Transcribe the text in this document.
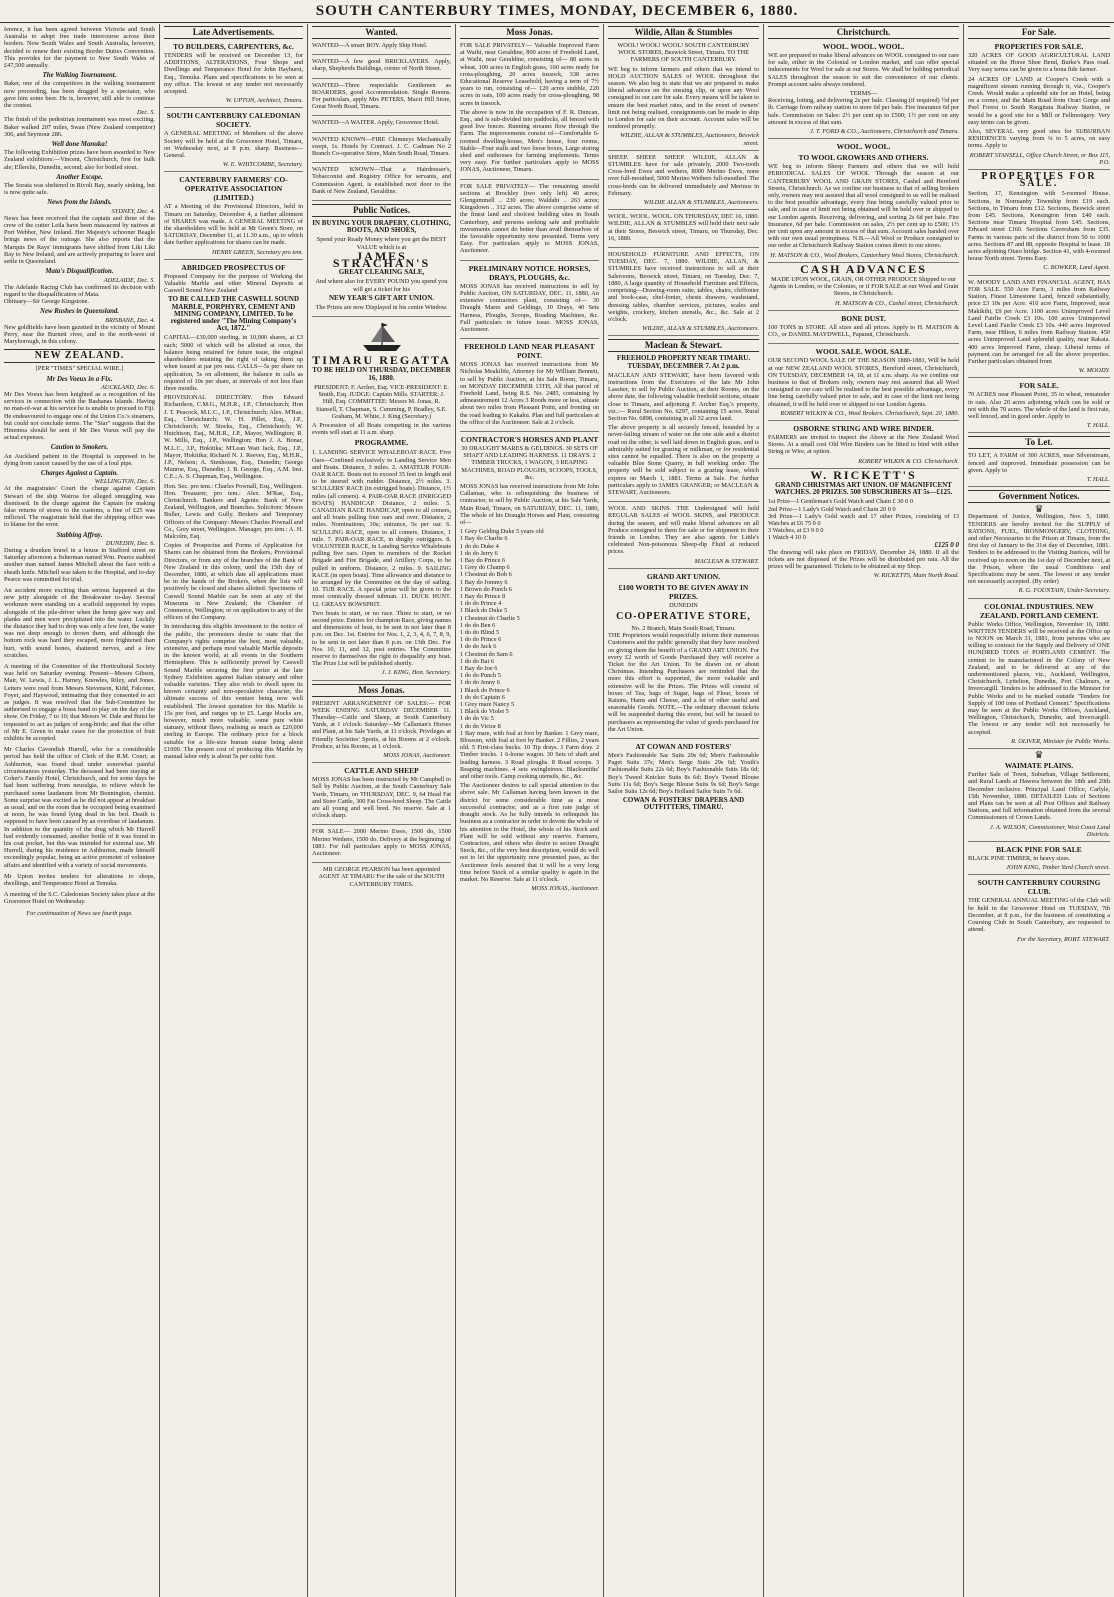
SOUTH CANTERBURY TIMES, MONDAY, DECEMBER 6, 1880.

ference, it has been agreed between Victoria and South Australia to adopt free trade intercourse across their borders. Now South Wales and South Australia, however, decided to renew their existing Border Duties Convention. This provides for the payment to New South Wales of £47,500 annually.

The Walking Tournament.

Baker, one of the competitors in the walking tournament now proceeding, has been drugged by a spectator, who gave him some beer. He is, however, still able to continue the contest.

Dec. 5.

The finish of the pedestrian tournament was most exciting. Baker walked 207 miles, Swan (New Zealand competitor) 306, and Seymour 286.

Well done Manuka!

The following Exhibition prizes have been awarded to New Zealand exhibitors:—Vincent, Christchurch, first for bulk ale; Ellerslie, Dunedin, second; also for bottled stout.

Another Escape.

The Sorata was sheltered in Rivoli Bay, nearly sinking, but is now quite safe.

News from the Islands.
SYDNEY, Dec. 4.

News has been received that the captain and three of the crew of the cutter Leila have been massacred by natives at Port Webber, New Ireland. Her Majesty's schooner Beagle brings news of the outrage. She also reports that the Marquis De Rays' immigrants have shifted from Liki Liki Bay to New Ireland, and are actively preparing to leave and settle in Queensland.

Mata's Disqualification.
ADELAIDE, Dec. 5.

The Adelaide Racing Club has confirmed its decision with regard to the disqualification of Mata.

Obituary—Sir George Kingstone.

New Rushes in Queensland.
BRISBANE, Dec. 4.

New goldfields have been gazetted in the vicinity of Mount Perry, near the Burnett river, and to the north-west of Maryborough, in this colony.

NEW ZEALAND.
[PER "TIMES" SPECIAL WIRE.]
Mr Des Voeux in a Fix.
AUCKLAND, Dec. 6.

Mr Des Voeux has been knighted as a recognition of his services in connection with the Bashanas Islands. Having no man-of-war at his service he is unable to proceed to Fiji. He endeavoured to engage one of the Union Co.'s steamers, but could not conclude terms. The "Star" suggests that the Hinemoa should be sent if Mr Des Voeux will pay the actual expenses.

Caution to Smokers.

An Auckland patient in the Hospital is supposed to be dying from cancer caused by the use of a foul pipe.

Charges Against a Captain.
WELLINGTON, Dec. 6.

At the magistrates' Court the charge against Captain Stewart of the ship Wairoa for alleged smuggling was dismissed. In the charge against the Captain for making false returns of stores to the customs, a fine of £25 was inflicted. The magistrate held that the shipping office was to blame for the error.

Stabbing Affray.
DUNEDIN, Dec. 6.

During a drunken brawl in a house in Stafford street on Saturday afternoon a fisherman named Wm. Pearce stabbed another man named James Mitchell about the face with a sheath knife. Mitchell was taken to the Hospital, and to-day Pearce was committed for trial.

An accident more exciting than serious happened at the new jetty alongside of the Breakwater to-day. Several workmen were standing on a scaffold supported by ropes alongside of the pile-driver when the hemp gave way and planks and men were precipitated into the water. Luckily the distance they had to drop was only a few feet, the water was not deep enough to drown them, and although the bottom rock was hard they escaped, more frightened than hurt, with sound bones, shattered nerves, and a few scratches.

A meeting of the Committee of the Horticultural Society was held on Saturday evening. Present—Messrs Gibson, Mair, W. Lewis, J. L. Harney, Knowles, Riley, and Jones. Letters were read from Messrs Stevenson, Kidd, Falconer, Foyer, and Haywood, intimating that they consented to act as judges. It was resolved that the Sub-Committee be authorised to engage a brass band to play on the day of the show. On Friday, 7 to 10; that Messrs W. Dale and Buist be requested to act as judges of song-birds; and that the offer of Mr E. Green to make cases for the protection of fruit exhibits be accepted.

Mr Charles Cavendish Hurrell, who for a considerable period has held the office of Clerk of the R.M. Court, at Ashburton, was found dead under somewhat painful circumstances yesterday. The deceased had been staying at Coker's Family Hotel, Christchurch, and for some days he had been suffering from neuralgia, to relieve which he purchased some laudanum from Mr Bonnington, chemist. Some surprise was excited as he did not appear at breakfast as usual, and on the room that he occupied being examined at noon, he was found lying dead in his bed. Death is supposed to have been caused by an overdose of laudanum. In addition to the quantity of the drug which Mr Hurrell had evidently consumed, another bottle of it was found in his coat pocket, but this was intended for external use. Mr Hurrell, during his residence in Ashburton, made himself exceedingly popular, being an active promoter of volunteer affairs and identified with a variety of social movements.

Mr Upton invites tenders for alterations to shops, dwellings, and Temperance Hotel at Temuka.

A meeting of the S.C. Caledonian Society takes place at the Grosvenor Hotel on Wednesday.

For continuation of News see fourth page.
Late Advertisements.
TO BUILDERS, CARPENTERS, &c.

TENDERS will be received on December 13, for ADDITIONS, ALTERATIONS, Four Shops and Dwellings and Temperance Hotel for John Hayhurst, Esq., Temuka. Plans and specifications to be seen at my office. The lowest or any tender not necessarily accepted.

W. UPTON, Architect, Timaru.
SOUTH CANTERBURY CALEDONIAN SOCIETY.

A GENERAL MEETING of Members of the above Society will be held at the Grosvenor Hotel, Timaru, on Wednesday next, at 8 p.m. sharp. Business—General.

W. E. WHITCOMBE, Secretary.
CANTERBURY FARMERS' CO-OPERATIVE ASSOCIATION (LIMITED.)

AT a Meeting of the Provisional Directors, held in Timaru on Saturday, December 4, a further allotment of SHARES was made. A GENERAL MEETING of the shareholders will be held at Mr Green's Store, on SATURDAY, December 11, at 11.30 a.m., up to which date further applications for shares can be made.

HENRY GREEN, Secretary pro tem.
ABRIDGED PROSPECTUS OF

Proposed Company for the purpose of Working the Valuable Marble and other Mineral Deposits at Caswell Sound New Zealand

TO BE CALLED THE CASWELL SOUND MARBLE, PORPHYRY, CEMENT AND MINING COMPANY, LIMITED. To be registered under "The Mining Company's Act, 1872."

CAPITAL—£30,000 sterling, in 10,000 shares, at £3 each; 5000 of which will be allotted at once, the balance being retained for future issue, the original shareholders retaining the right of taking them up when issued at par pro rata. CALLS—5s per share on application, 5s on allotment, the balance in calls as required of 10s per share, at intervals of not less than three months.

PROVISIONAL DIRECTORY. Hon Edward Richardson, C.M.G., M.H.R., J.P., Christchurch; Hon J. T. Peacock, M.L.C., J.P., Christchurch; Alex. M'Rae, Esq., Christchurch; W. H. Pillet, Esq., J.P., Christchurch; W. Stocks, Esq., Christchurch; W. Hutchison, Esq., M.H.R., J.P., Mayor, Wellington; R. W. Mills, Esq., J.P., Wellington; Hon J. A. Bonar, M.L.C., J.P., Hokitika; M'Lean Wait Jack, Esq., J.P., Mayor, Hokitika; Richard N. J. Reeves, Esq., M.H.R., J.P., Nelson; A. Stenhouse, Esq., Dunedin; George Munroe, Esq., Dunedin; J. B. George, Esq., A.M. Inst. C.E.; A. S. Chapman, Esq., Wellington.

Hon. Sec. pro tem.: Charles Pownall, Esq., Wellington. Hon. Treasurer, pro tem.: Alex. M'Rae, Esq., Christchurch. Bankers and Agents: Bank of New Zealand, Wellington, and Branches. Solicitors: Messrs Buller, Lewis and Gully. Brokers and Temporary Officers of the Company: Messrs Charles Pownall and Co., Grey street, Wellington. Manager, pro tem.: A. H. Malcolm, Esq.

Copies of Prospectus and Forms of Application for Shares can be obtained from the Brokers, Provisional Directors, or from any of the branches of the Bank of New Zealand in this colony, until the 15th day of December, 1880, at which date all applications must be in the hands of the Brokers, when the lists will positively be closed and shares allotted. Specimens of Caswell Sound Marble can be seen at any of the Museums in New Zealand; the Chamber of Commerce, Wellington; or on application to any of the officers of the Company.

In introducing this eligible investment to the notice of the public, the promoters desire to state that the Company's rights comprise the best, most valuable, extensive, and perhaps most valuable Marble deposits in the known world, at all events in the Southern Hemisphere. This is sufficiently proved by Caswell Sound Marble securing the first prize at the late Sydney Exhibition against Italian statuary and other valuable varieties. They also wish to dwell upon its known certainty and non-speculative character, the ultimate success of this venture being now well established. The lowest quotation for this Marble is 15s per foot, and ranges up to £5. Large blocks are, however, much more valuable, some pure white statuary, without flaws, realising as much as £20,000 sterling in Europe. The ordinary price for a block suitable for a life-size human statue being about £1000. The present cost of producing this Marble by manual labor only is about 5s per cubic foot.

Wanted.

WANTED—A smart BOY. Apply Ship Hotel.

WANTED—A few good BRICKLAYERS. Apply, sharp, Shepherds Buildings, corner of North Street.

WANTED—Three respectable Gentlemen as BOARDERS, good Accommodation. Single Rooms. For particulars, apply Mrs PETERS, Macri Hill Store, Great North Road, Timaru.

WANTED—A WAITER. Apply, Grosvenor Hotel.

WANTED KNOWN—FIRE Chimneys Mechanically swept, 1s. Hotels by Contract. J. C. Cadman No 2 Branch Co-operative Store, Main South Road, Timaru.

WANTED KNOWN—That a Hairdresser's, Tobacconist and Registry Office for servants, and Commission Agent, is established next door to the Bank of New Zealand, Geraldine.

Public Notices.

IN BUYING YOUR DRAPERY, CLOTHING, BOOTS, AND SHOES,

Spend your Ready Money where you get the BEST VALUE which is at

JAMES STRACHAN'S

GREAT CLEARING SALE,

And where also for EVERY POUND you spend you will get a ticket for his

NEW YEAR'S GIFT ART UNION.

The Prizes are now Displayed in his centre Window.

TIMARU REGATTA

TO BE HELD ON THURSDAY, DECEMBER 16, 1880.

PRESIDENT: F. Archer, Esq. VICE-PRESIDENT: E. Smith, Esq. JUDGE: Captain Mills. STARTER: J. Hill, Esq. COMMITTEE: Messrs M. Jonas, R. Stansell, T. Chapman, S. Cumming, P. Bradley, S.E. Graham, M. White, J. King (Secretary.)

A Procession of all Boats competing in the various events will start at 11 a.m. sharp.

PROGRAMME.

1. LANDING SERVICE WHALEBOAT RACE. Five Oars—Confined exclusively to Landing Service Men and Boats. Distance, 3 miles. 2. AMATEUR FOUR-OAR RACE. Boats not to exceed 35 feet in length and to be steered with rudder. Distance, 2½ miles. 3. SCULLERS' RACE (in outrigged boats). Distance, 1½ miles (all comers). 4. PAIR-OAR RACE (INRIGGED BOATS) HANDICAP. Distance, 2 miles. 5. CANADIAN RACE HANDICAP, open to all comers, and all boats pulling four oars and over. Distance, 2 miles. Nominations, 10s; entrance, 5s per oar. 6. SCULLING RACE, open to all comers. Distance, 1 mile. 7. PAIR-OAR RACE, in dinghy outriggers. 8. VOLUNTEER RACE, in Landing Service Whaleboats pulling five oars. Open to members of the Rocket Brigade and Fire Brigade, and Artillery Corps, to be pulled in uniform. Distance, 2 miles. 9. SAILING RACE (in open boats). Time allowance and distance to be arranged by the Committee on the day of sailing. 10. TUB RACE. A special prize will be given to the most comically dressed tubman. 11. DUCK HUNT. 12. GREASY BOWSPRIT.

Two boats to start, or no race. Three to start, or no second prize. Entries for champion Race, giving names and dimensions of boat, to be sent in not later than 8 p.m. on Dec. 1st. Entries for Nos. 1, 2, 3, 4, 6, 7, 8, 9, to be sent in not later than 8 p.m. on 13th Dec. For Nos. 10, 11, and 12, post entries. The Committee reserve to themselves the right to disqualify any boat. The Prize List will be published shortly.

J. J. KING, Hon. Secretary.
Moss Jonas.

PRESENT ARRANGEMENT OF SALES:— FOR WEEK ENDING SATURDAY DECEMBER 11. Thursday—Cattle and Sheep, at South Canterbury Yards, at 1 o'clock. Saturday—Mr Callaman's Horses and Plant, at his Sale Yards, at 11 o'clock. Privileges at Friendly Societies' Sports, at his Rooms at 2 o'clock. Produce, at his Rooms, at 1 o'clock.

MOSS JONAS, Auctioneer.
CATTLE AND SHEEP

MOSS JONAS has been instructed by Mr Campbell to Sell by Public Auction, at the South Canterbury Sale Yards, Timaru, on THURSDAY, DEC. 9, 64 Head Fat and Store Cattle, 300 Fat Cross-bred Sheep. The Cattle are all young and well bred. No reserve. Sale at 1 o'clock sharp.

FOR SALE— 2000 Merino Ewes, 1500 do, 1500 Merino Wethers, 1500 do. Delivery at the beginning of 1881. For full particulars apply to MOSS JONAS, Auctioneer.

MR GEORGE PEARSON has been appointed AGENT AT TIMARU For the sale of the SOUTH CANTERBURY TIMES.

Moss Jonas.

FOR SALE PRIVATELY— Valuable Improved Farm at Waihi, near Geraldine, 800 acres of Freehold Land, at Waihi, near Geraldine, consisting of— 80 acres in wheat, 100 acres in English grass, 100 acres ready for cross-ploughing, 20 acres tussock, 338 acres Educational Reserve Leasehold, having a term of 7½ years to run, consisting of— 120 acres stubble, 220 acres in oats, 100 acres ready for cross-ploughing, 98 acres in tussock.

The above is now in the occupation of F. R. Duncan, Esq., and is sub-divided into paddocks, all fenced with good live fences. Running streams flow through the Farm. The improvements consist of—Comfortable 6-roomed dwelling-house, Men's house, four rooms, Stable—Four stalls and two loose boxes, Large storing shed and outhouses for farming implements. Terms very easy. For further particulars apply to MOSS JONAS, Auctioneer, Timaru.

FOR SALE PRIVATELY— The remaining unsold sections at Brockley (two only left) 40 acres; Glengummell .. 230 acres; Waldahi .. 263 acres; Kingsdown .. 312 acres. The above comprise some of the finest land and choicest building sites in South Canterbury, and persons seeking safe and profitable investments cannot do better than avail themselves of the favorable opportunity now presented. Terms very Easy. For particulars apply to MOSS JONAS, Auctioneer.

PRELIMINARY NOTICE. HORSES, DRAYS, PLOUGHS, &c.

MOSS JONAS has received instructions to sell by Public Auction, ON SATURDAY, DEC. 11, 1880, An extensive contractors plant, consisting of— 30 Draught Mares and Geldings, 10 Drays, 40 Sets Harness, Ploughs, Scoops, Roading Machines, &c. Full particulars in future issue. MOSS JONAS, Auctioneer.

FREEHOLD LAND NEAR PLEASANT POINT.

MOSS JONAS has received instructions from Mr Nicholas Meakilife, Attorney for Mr William Bennett, to sell by Public Auction, at his Sale Room, Timaru, on MONDAY DECEMBER 13TH, All that parcel of Freehold Land, being R.S. No. 2485, containing by admeasurement 12 Acres 3 Roods more or less, situate about two miles from Pleasant Point, and fronting on the road leading to Kakahu. Plan and full particulars at the office of the Auctioneer. Sale at 2 o'clock.

CONTRACTOR'S HORSES AND PLANT

30 DRAUGHT MARES & GELDINGS. 30 SETS OF SHAFT AND LEADING HARNESS. 11 DRAYS. 2 TIMBER TRUCKS, 1 WAGON, 3 REAPING MACHINES, ROAD PLOUGHS, SCOOPS, TOOLS, &c.

MOSS JONAS has received instructions from Mr John Callaman, who is relinquishing the business of contractor, to sell by Public Auction, at his Sale Yards, Main Road, Timaru, on SATURDAY, DEC. 11, 1880, The whole of his Draught Horses and Plant, consisting of—

1 Grey Gelding Duke 5 years old
1 Bay do Charlie 6
1 do do Duke 4
1 do do Jerry 6
1 Bay do Prince 6
1 Grey do Champ 6
1 Chestnut do Bob 6
1 Bay do Jommy 6
1 Brown do Punch 6
1 Bay do Prince 8
1 do do Prince 4
1 Black do Duke 5
1 Chestnut do Charlie 5
1 do do Ben 6
1 do do Blind 5
1 do do Prince 6
1 do do Jack 6
1 Chestnut do Sam 6
1 do do Bat 6
1 Bay do Joe 6
1 do do Punch 5
1 do do Jenny 6
1 Black do Prince 6
1 do do Captain 6
1 Grey mare Nancy 5
1 Black do Violet 5
1 do do Vic 5
1 do do Victor 8

1 Bay mare, with foal at foot by Banker. 1 Grey mare, Blossom, with foal at foot by Banker. 2 Fillies, 2 years old. 5 First-class bucks. 10 Tip drays. 1 Farm dray. 2 Timber trucks. 1 6-horse wagon. 30 Sets of shaft and leading harness. 3 Road ploughs. 8 Road scoops. 3 Reaping machines. 4 sets swingletrees. Blacksmiths' and other tools. Camp cooking utensils, &c., &c.

The Auctioneer desires to call special attention to the above sale. Mr Callaman having been known in the district for some considerable time as a most successful contractor, and as a first rate judge of draught stock. As he fully intends to relinquish his business as a contractor in order to devote the whole of his attention to the Hotel, the whole of his Stock and Plant will be sold without any reserve. Farmers, Contractors, and others who desire to secure Draught Stock, &c., of the very best description, would do well not to let the opportunity now presented pass, as the Auctioneer feels assured that it will be a very long time before Stock of a similar quality is again in the market. No Reserve. Sale at 11 o'clock.

MOSS JONAS, Auctioneer.
Wildie, Allan & Stumbles

WOOL! WOOL! WOOL! SOUTH CANTERBURY WOOL STORES, Beswick Street, Timaru. TO THE FARMERS OF SOUTH CANTERBURY.

WE beg to inform farmers and others that we intend to HOLD AUCTION SALES of WOOL throughout the season. We also beg to state that we are prepared to make liberal advances on the ensuing clip, or upon any Wool consigned to our care for sale. Every means will be taken to ensure the best market rates, and in the event of owners' limit not being realised, consignments can be made to ship to London for sale on their account. Account sales will be rendered promptly.

WILDIE, ALLAN & STUMBLES, Auctioneers, Beswick street.

SHEEP. SHEEP. SHEEP. WILDIE, ALLAN & STUMBLES have for sale privately, 2000 Two-tooth Cross-bred Ewes and wethers, 8000 Merino Ewes, none over full-mouthed, 5000 Merino Wethers full-mouthed. The cross-breds can be delivered immediately and Merinos in February.

WILDIE ALLAN & STUMBLES, Auctioneers.

WOOL. WOOL. WOOL. ON THURSDAY, DEC 16, 1880. WILDIE, ALLAN & STUMBLES will hold their next sale at their Stores, Beswick street, Timaru, on Thursday, Dec. 16, 1880.

HOUSEHOLD FURNITURE AND EFFECTS, ON TUESDAY, DEC. 7, 1880. WILDIE, ALLAN, & STUMBLES have received instructions to sell at their Salerooms, Beswick street, Timaru, on Tuesday, Dec. 7, 1880, A large quantity of Household Furniture and Effects, comprising—Drawing-room suite, tables, chairs, chiffonier and book-case, chef-fonier, chests drawers, washstand, dressing tables, chamber services, pictures, scales and weights, crockery, kitchen utensils, &c., &c. Sale at 2 o'clock.

WILDIE, ALLAN & STUMBLES, Auctioneers.
Maclean & Stewart.

FREEHOLD PROPERTY NEAR TIMARU. TUESDAY, DECEMBER 7. At 2 p.m.

MACLEAN AND STEWART, have been favored with instructions from the Executors of the late Mr John Lassiter, to sell by Public Auction, at their Rooms, on the above date, the following valuable freehold sections, situate close to Timaru, and adjoining F. Archer Esq.'s property, viz.:— Rural Section No. 6297, containing 15 acres. Rural Section No. 6898, containing in all 32 acres land.

The above property is all securely fenced, bounded by a never-failing stream of water on the one side and a district road on the other, is well laid down in English grass, and is admirably suited for grazing or milkman, or for residential sites cannot be equalled. There is also on the property a valuable Blue Stone Quarry, in full working order. The property will be sold subject to a grazing lease, which expires on March 1, 1881. Terms at Sale. For further particulars apply to JAMES GRANGER; or MACLEAN & STEWART, Auctioneers.

WOOL AND SKINS. THE Undersigned will hold REGULAR SALES of WOOL SKINS, and PRODUCE during the season, and will make liberal advances on all Produce consigned to them for sale or for shipment to their friends in London. They are also agents for Little's celebrated Non-poisonous Sheep-dip Fluid at reduced prices.

MACLEAN & STEWART.
GRAND ART UNION.
£100 WORTH TO BE GIVEN AWAY IN PRIZES.
DUNEDIN
CO-OPERATIVE STORE,
No. 2 Branch, Main South Road, Timaru.

THE Proprietors would respectfully inform their numerous Customers and the public generally that they have resolved on giving them the benefit of a GRAND ART UNION. For every £2 worth of Goods Purchased they will receive a Ticket for the Art Union. To be drawn on or about Christmas. Intending Purchasers are reminded that the more this effort is supported, the more valuable and extensive will be the Prizes. The Prizes will consist of boxes of Tea, bags of Sugar, bags of Flour, boxes of Raisins, Hams and Cheese, and a lot of other useful and seasonable Goods. NOTE.—The ordinary discount tickets will be suspended during this event, but will be issued to purchasers as representing the value of goods purchased for the Art Union.

AT COWAN AND FOSTERS'

Men's Fashionable Sac Suits 29s 6d; Men's Fashionable Paget Suits 37s; Men's Serge Suits 29s 6d; Youth's Fashionable Suits 22s 6d; Boy's Fashionable Suits 18s 6d; Boy's Tweed Knicker Suits 8s 6d; Boy's Tweed Blouse Suits 11s 6d; Boy's Serge Blouse Suits 9s 6d; Boy's Serge Sailor Suits 12s 6d; Boy's Holland Sailor Suits 7s 6d.

COWAN & FOSTERS' DRAPERS AND OUTFITTERS, TIMARU.
Christchurch.
WOOL. WOOL. WOOL.

WE are prepared to make liberal advances on WOOL consigned to our care for sale, either in the Colonial or London market, and can offer special inducements for Wool for sale at our Stores. We shall be holding periodical SALES throughout the season to suit the convenience of our clients. Prompt account sales always rendered.

TERMS—

Receiving, lotting, and delivering 2s per bale. Classing (if required) ½d per lb. Carriage from railway station to store 6d per bale. Fire insurance 6d per bale. Commission on Sales: 2½ per cent up to £500; 1½ per cent on any amount in excess of that sum.

J. T. FORD & CO., Auctioneers, Christchurch and Timaru.
WOOL. WOOL.
TO WOOL GROWERS AND OTHERS.

WE beg to inform Sheep Farmers and others that we will hold PERIODICAL SALES OF WOOL Through the season at our CANTERBURY WOOL AND GRAIN STORES, Cashel and Hereford Streets, Christchurch. As we confine our business to that of selling brokers only, owners may rest assured that all wool consigned to us will be realised to the best possible advantage, every fine being carefully valued prior to sale, and in case of limit not being obtained will be held over or shipped to our London agents. Receiving, delivering, and sorting 2s 6d per bale. Fire Insurance, 6d per bale. Commission on sales, 2½ per cent up to £500; 1½ per cent upon any amount in excess of that sum. Account sales handed over with our own usual promptness. N.B.—All Wool or Produce consigned to our order at Christchurch Railway Station comes direct to our stores.

H. MATSON & CO., Wool Brokers, Canterbury Wool Stores, Christchurch.
CASH ADVANCES

MADE UPON WOOL, GRAIN, OR OTHER PRODUCE Shipped to our Agents in London, or the Colonies, or if FOR SALE at our Wool and Grain Stores, in Christchurch.

H. MATSON & CO., Cashel street, Christchurch.
BONE DUST.

100 TONS in STORE. All sizes and all prices. Apply to H. MATSON & CO., or DANIEL MAYDWELL, Papanui, Christchurch.

WOOL SALE. WOOL SALE.

OUR SECOND WOOL SALE OF THE SEASON 1880-1881, Will be held at our NEW ZEALAND WOOL STORES, Hereford street, Christchurch, ON TUESDAY, DECEMBER 14, 18, at 11 a.m. sharp. As we confine our business to that of Brokers only, owners may rest assured that all Wool consigned to our care will be realised to the best possible advantage, every line being carefully valued prior to sale, and in case of the limit not being obtained, it will be held over or shipped to our London Agents.

ROBERT WILKIN & CO., Wool Brokers. Christchurch, Sept. 20, 1880.
OSBORNE STRING AND WIRE BINDER.

FARMERS are invited to inspect the Above at the New Zealand Wool Stores. At a small cost Old Wire Binders can be fitted to bind with either String or Wire, at option.

ROBERT WILKIN & CO. Christchurch.
W. RICKETT'S

GRAND CHRISTMAS ART UNION. OF MAGNIFICENT WATCHES. 20 PRIZES. 500 SUBSCRIBERS AT 5s—£125.

1st Prize—1 Gentleman's Gold Watch and Chain £ 30 0 0
2nd Prize—1 Lady's Gold Watch and Chain 20 0 0
3rd Prize—1 Lady's Gold watch and 17 other Prizes, consisting of 13 Watches at £6 75 0 0
3 Watches, at £3 9 0 0
1 Watch 4 10 0
£125 0 0

The drawing will take place on FRIDAY, December 24, 1880. If all the tickets are not disposed of the Prizes will be distributed pro rata. All the prizes will be guaranteed. Tickets to be obtained at my Shop.

W. RICKETTS, Main North Road.
For Sale.
PROPERTIES FOR SALE.

320 ACRES OF GOOD AGRICULTURAL LAND situated on the Horse Shoe Bend, Burke's Pass road. Very easy terms can be given to a bona fide farmer.

24 ACRES OF LAND at Cooper's Creek with a magnificent stream running through it, viz., Cooper's Creek. Would make a splendid site for an Hotel, being on a corner, and the Main Road from Orari Gorge and Peel Forest to South Rangitata Railway Station, or would be a good site for a Mill or Fellmongery. Very easy terms can be given.

Also, SEVERAL very good sites for SUBURBAN RESIDENCES varying from ¼ to 5 acres, on easy terms. Apply to

ROBERT STANSELL, Office Church Street, or Box 115, P.O.
PROPERTIES FOR SALE.

Section, 17, Kensington with 5-roomed House. Sections, in Normanby Township from £19 each. Sections, in Timaru from £12. Sections, Beswick street from £45. Sections, Kensington from £40 each. Sections near Timaru Hospital from £45. Sections, Edward street £160. Sections Caversham from £35. Farms in various parts of the district from 50 to 1000 acres. Sections 87 and 88, opposite Hospital to lease. 18 acres adjoining Otaio bridge. Section 41, with 4-roomed house North street. Terms Easy.

C. BOWKER, Land Agent.

W. MOODY LAND AND FINANCIAL AGENT, HAS FOR SALE. 550 Acre Farm, 3 miles from Railway Station, Finest Limestone Land, fenced substantially, price £3 10s per Acre. 410 acre Farm, Improved, near Makikihi, £9 per Acre. 1100 acres Unimproved Level Land Fairlie Creek £3 10s. 100 acres Unimproved Level Land Fairlie Creek £3 10s. 440 acres Improved Farm, near Hilton, 6 miles from Railway Station. 450 acres Unimproved Land splendid quality, near Rakaia. 400 acres Improved Farm, cheap. Liberal terms of payment can be arranged for all the above properties. Further particulars obtained from

W. MOODY.
FOR SALE.

70 ACRES near Pleasant Point, 35 in wheat, remainder in oats. Also 20 acres adjoining which can be sold or not with the 70 acres. The whole of the land is first rate, well fenced, and in good order. Apply to

T. HALL.
To Let.

TO LET, A FARM of 300 ACRES, near Silverstream, fenced and improved. Immediate possession can be given. Apply to

T. HALL.
Government Notices.
♛

Department of Justice, Wellington, Nov. 5, 1880. TENDERS are hereby invited for the SUPPLY of RATIONS, FUEL, IRONMONGERY, CLOTHING, and other Necessaries to the Prison at Timaru, from the first day of January to the 31st day of December, 1881. Tenders to be addressed to the Visiting Justices, will be received up to noon on the 1st day of December next, at the Prison, where the usual Conditions and Specifications may be seen. The lowest or any tender not necessarily accepted. (By order)

R. G. FOUNTAIN, Under-Secretary.
COLONIAL INDUSTRIES. NEW ZEALAND. PORTLAND CEMENT.

Public Works Office, Wellington, November 16, 1880. WRITTEN TENDERS will be received at the Office up to NOON on March 31, 1881, from persons who are willing to contract for the Supply and Delivery of ONE HUNDRED TONS of PORTLAND CEMENT. The cement to be manufactured in the Colony of New Zealand, and to be delivered at any of the undermentioned places, viz., Auckland, Wellington, Christchurch, Lyttelton, Dunedin, Port Chalmers, or Invercargill. Tenders to be addressed to the Minister for Public Works and to be marked outside "Tenders for Supply of 100 tons of Portland Cement." Specifications may be seen at the Public Works Offices, Auckland, Wellington, Christchurch, Dunedin, and Invercargill. The lowest or any tender will not necessarily be accepted.

R. OLIVER, Minister for Public Works.
♛
WAIMATE PLAINS.

Further Sale of Town, Suburban, Village Settlement, and Rural Lands at Hawera between the 18th and 20th December inclusive. Principal Land Office, Carlyle, 15th November, 1880. DETAILED Lists of Sections and Plans can be seen at all Post Offices and Railway Stations, and full information obtained from the several Commissioners of Crown Lands.

J. A. WILSON, Commissioner, West Coast Land Districts.
BLACK PINE FOR SALE

BLACK PINE TIMBER, in heavy sizes.

JOHN KING, Timber Yard Church street.
SOUTH CANTERBURY COURSING CLUB.

THE GENERAL ANNUAL MEETING of the Club will be held in the Grosvenor Hotel on TUESDAY, 7th December, at 8 p.m., for the business of constituting a Coursing Club in South Canterbury, are requested to attend.

For the Secretary, ROBT. STEWART.
